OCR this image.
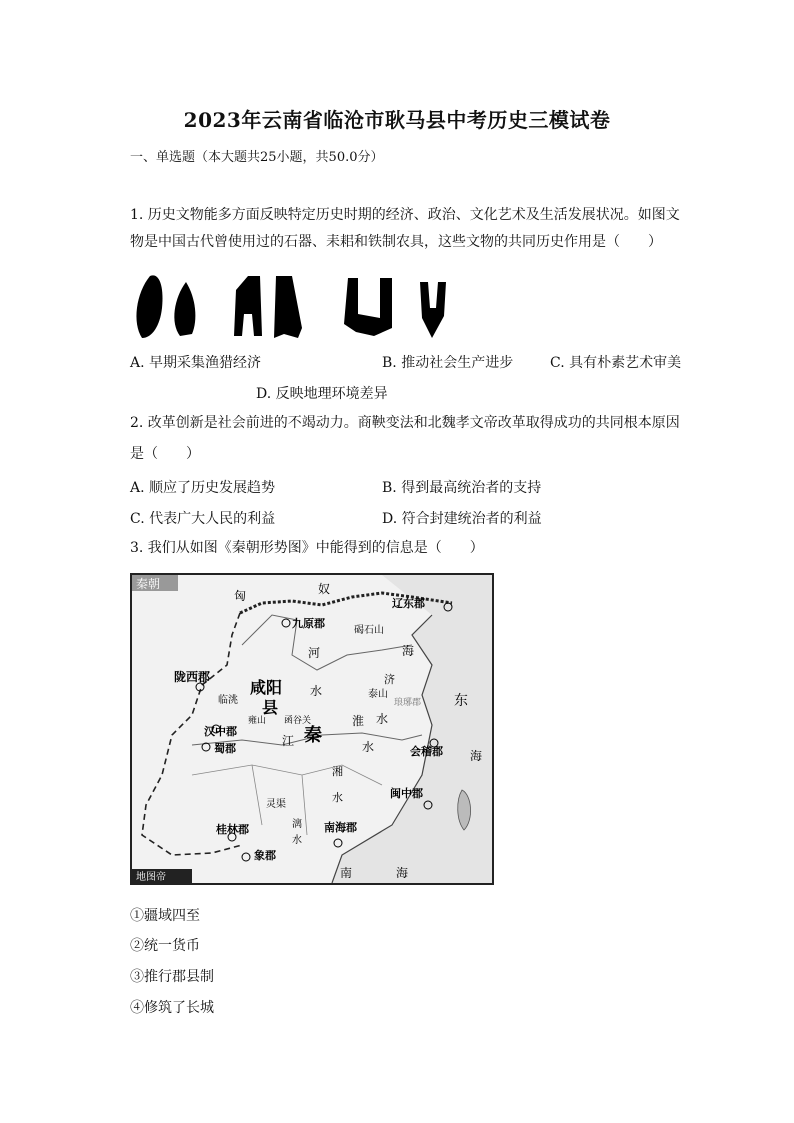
2023年云南省临沧市耿马县中考历史三模试卷
一、单选题（本大题共25小题，共50.0分）
1. 历史文物能多方面反映特定历史时期的经济、政治、文化艺术及生活发展状况。如图文
物是中国古代曾使用过的石器、耒耜和铁制农具，这些文物的共同历史作用是（　　）
A. 早期采集渔猎经济	B. 推动社会生产进步	C. 具有朴素艺术审美
D. 反映地理环境差异
2. 改革创新是社会前进的不竭动力。商鞅变法和北魏孝文帝改革取得成功的共同根本原因
是（　　）
A. 顺应了历史发展趋势	B. 得到最高统治者的支持
C. 代表广大人民的利益	D. 符合封建统治者的利益
3. 我们从如图《秦朝形势图》中能得到的信息是（　　）
秦朝
匈	奴
辽东郡
九原郡
碣石山
河	海
陇西郡
临洮
咸阳
县
水
济
泰山
琅琊郡 东
汉中郡
雍山 函谷关	淮 水
秦
蜀郡
江	水	会稽郡 海
湘
水	闽中郡
灵渠
漓
水
桂林郡	南海郡
象郡
南	海
地图帝
①疆域四至
②统一货币
③推行郡县制
④修筑了长城
